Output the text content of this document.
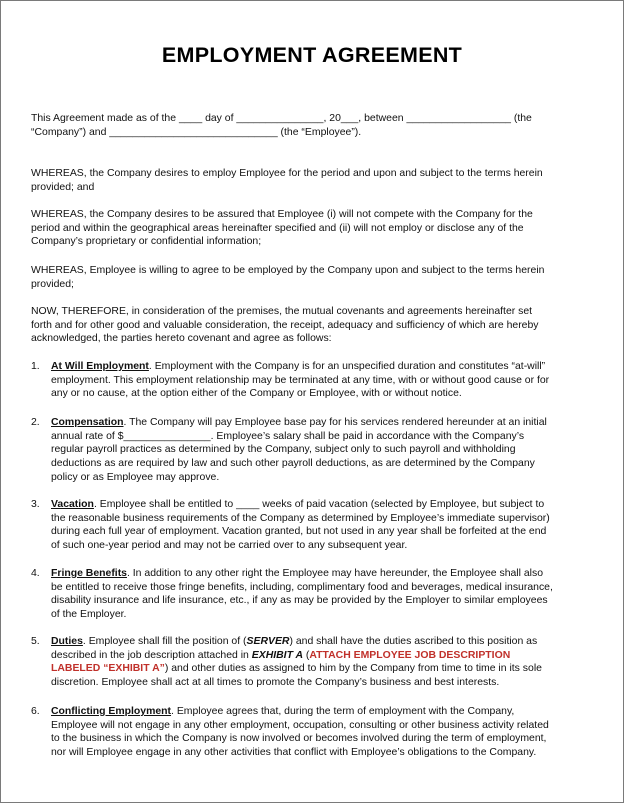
EMPLOYMENT AGREEMENT
This Agreement made as of the ____ day of _______________, 20___, between __________________ (the
“Company”) and _____________________________ (the “Employee”).
WHEREAS, the Company desires to employ Employee for the period and upon and subject to the terms herein
provided; and
WHEREAS, the Company desires to be assured that Employee (i) will not compete with the Company for the
period and within the geographical areas hereinafter specified and (ii) will not employ or disclose any of the
Company’s proprietary or confidential information;
WHEREAS, Employee is willing to agree to be employed by the Company upon and subject to the terms herein
provided;
NOW, THEREFORE, in consideration of the premises, the mutual covenants and agreements hereinafter set
forth and for other good and valuable consideration, the receipt, adequacy and sufficiency of which are hereby
acknowledged, the parties hereto covenant and agree as follows:
1. At Will Employment. Employment with the Company is for an unspecified duration and constitutes “at-will”
employment. This employment relationship may be terminated at any time, with or without good cause or for
any or no cause, at the option either of the Company or Employee, with or without notice.
2. Compensation. The Company will pay Employee base pay for his services rendered hereunder at an initial
annual rate of $_______________. Employee’s salary shall be paid in accordance with the Company’s
regular payroll practices as determined by the Company, subject only to such payroll and withholding
deductions as are required by law and such other payroll deductions, as are determined by the Company
policy or as Employee may approve.
3. Vacation. Employee shall be entitled to ____ weeks of paid vacation (selected by Employee, but subject to
the reasonable business requirements of the Company as determined by Employee’s immediate supervisor)
during each full year of employment. Vacation granted, but not used in any year shall be forfeited at the end
of such one-year period and may not be carried over to any subsequent year.
4. Fringe Benefits. In addition to any other right the Employee may have hereunder, the Employee shall also
be entitled to receive those fringe benefits, including, complimentary food and beverages, medical insurance,
disability insurance and life insurance, etc., if any as may be provided by the Employer to similar employees
of the Employer.
5. Duties. Employee shall fill the position of (SERVER) and shall have the duties ascribed to this position as
described in the job description attached in EXHIBIT A (ATTACH EMPLOYEE JOB DESCRIPTION
LABELED “EXHIBIT A”) and other duties as assigned to him by the Company from time to time in its sole
discretion. Employee shall act at all times to promote the Company’s business and best interests.
6. Conflicting Employment. Employee agrees that, during the term of employment with the Company,
Employee will not engage in any other employment, occupation, consulting or other business activity related
to the business in which the Company is now involved or becomes involved during the term of employment,
nor will Employee engage in any other activities that conflict with Employee’s obligations to the Company.
